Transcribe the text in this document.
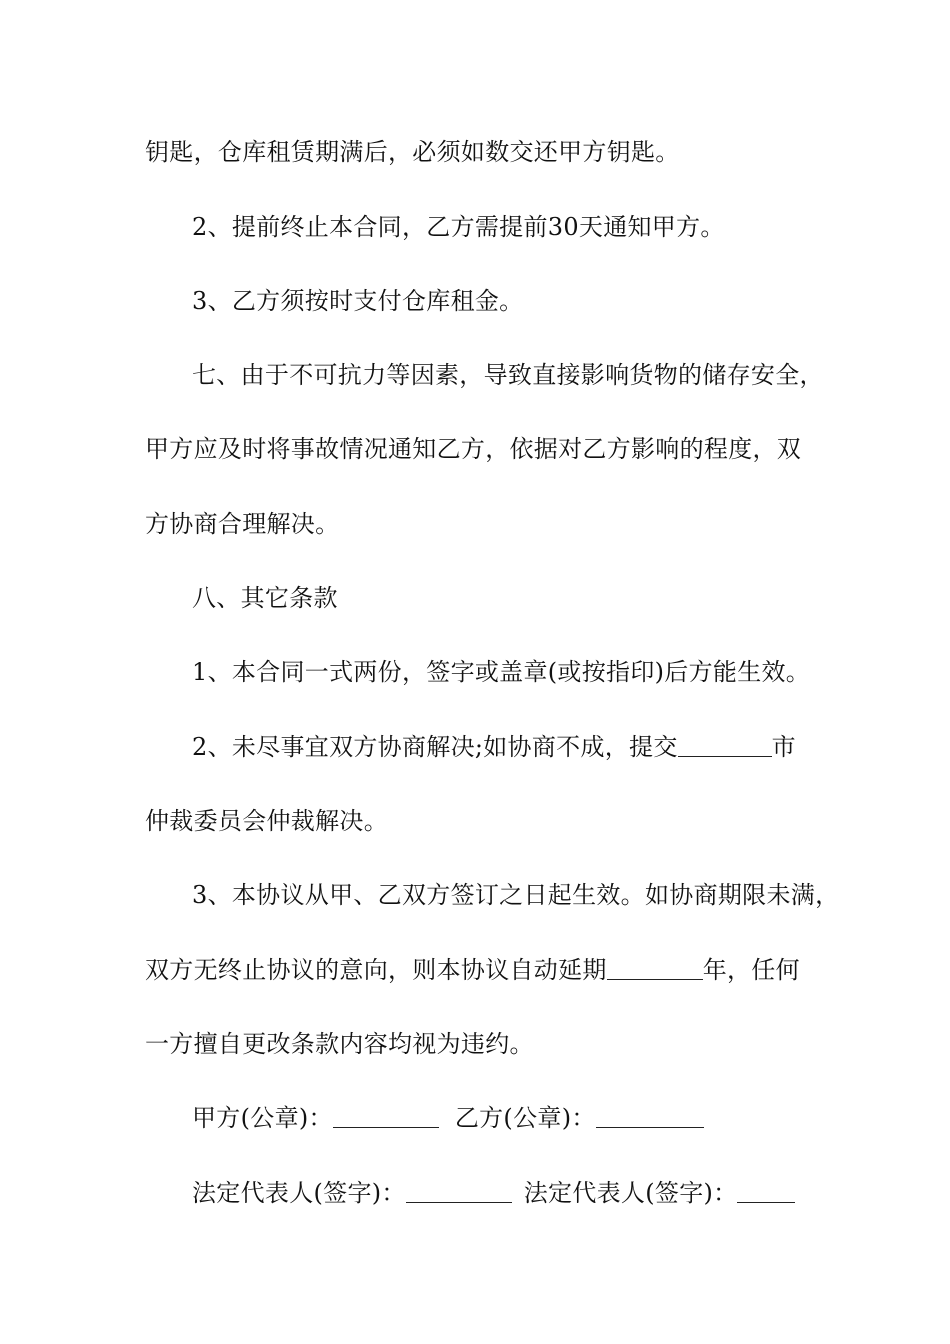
钥匙，仓库租赁期满后，必须如数交还甲方钥匙。
2、提前终止本合同，乙方需提前30天通知甲方。
3、乙方须按时支付仓库租金。
七、由于不可抗力等因素，导致直接影响货物的储存安全，
甲方应及时将事故情况通知乙方，依据对乙方影响的程度，双
方协商合理解决。
八、其它条款
1、本合同一式两份，签字或盖章(或按指印)后方能生效。
2、未尽事宜双方协商解决;如协商不成，提交	市
仲裁委员会仲裁解决。
3、本协议从甲、乙双方签订之日起生效。如协商期限未满，
双方无终止协议的意向，则本协议自动延期	年，任何
一方擅自更改条款内容均视为违约。
甲方(公章)：	乙方(公章)：
法定代表人(签字)：	法定代表人(签字)：
